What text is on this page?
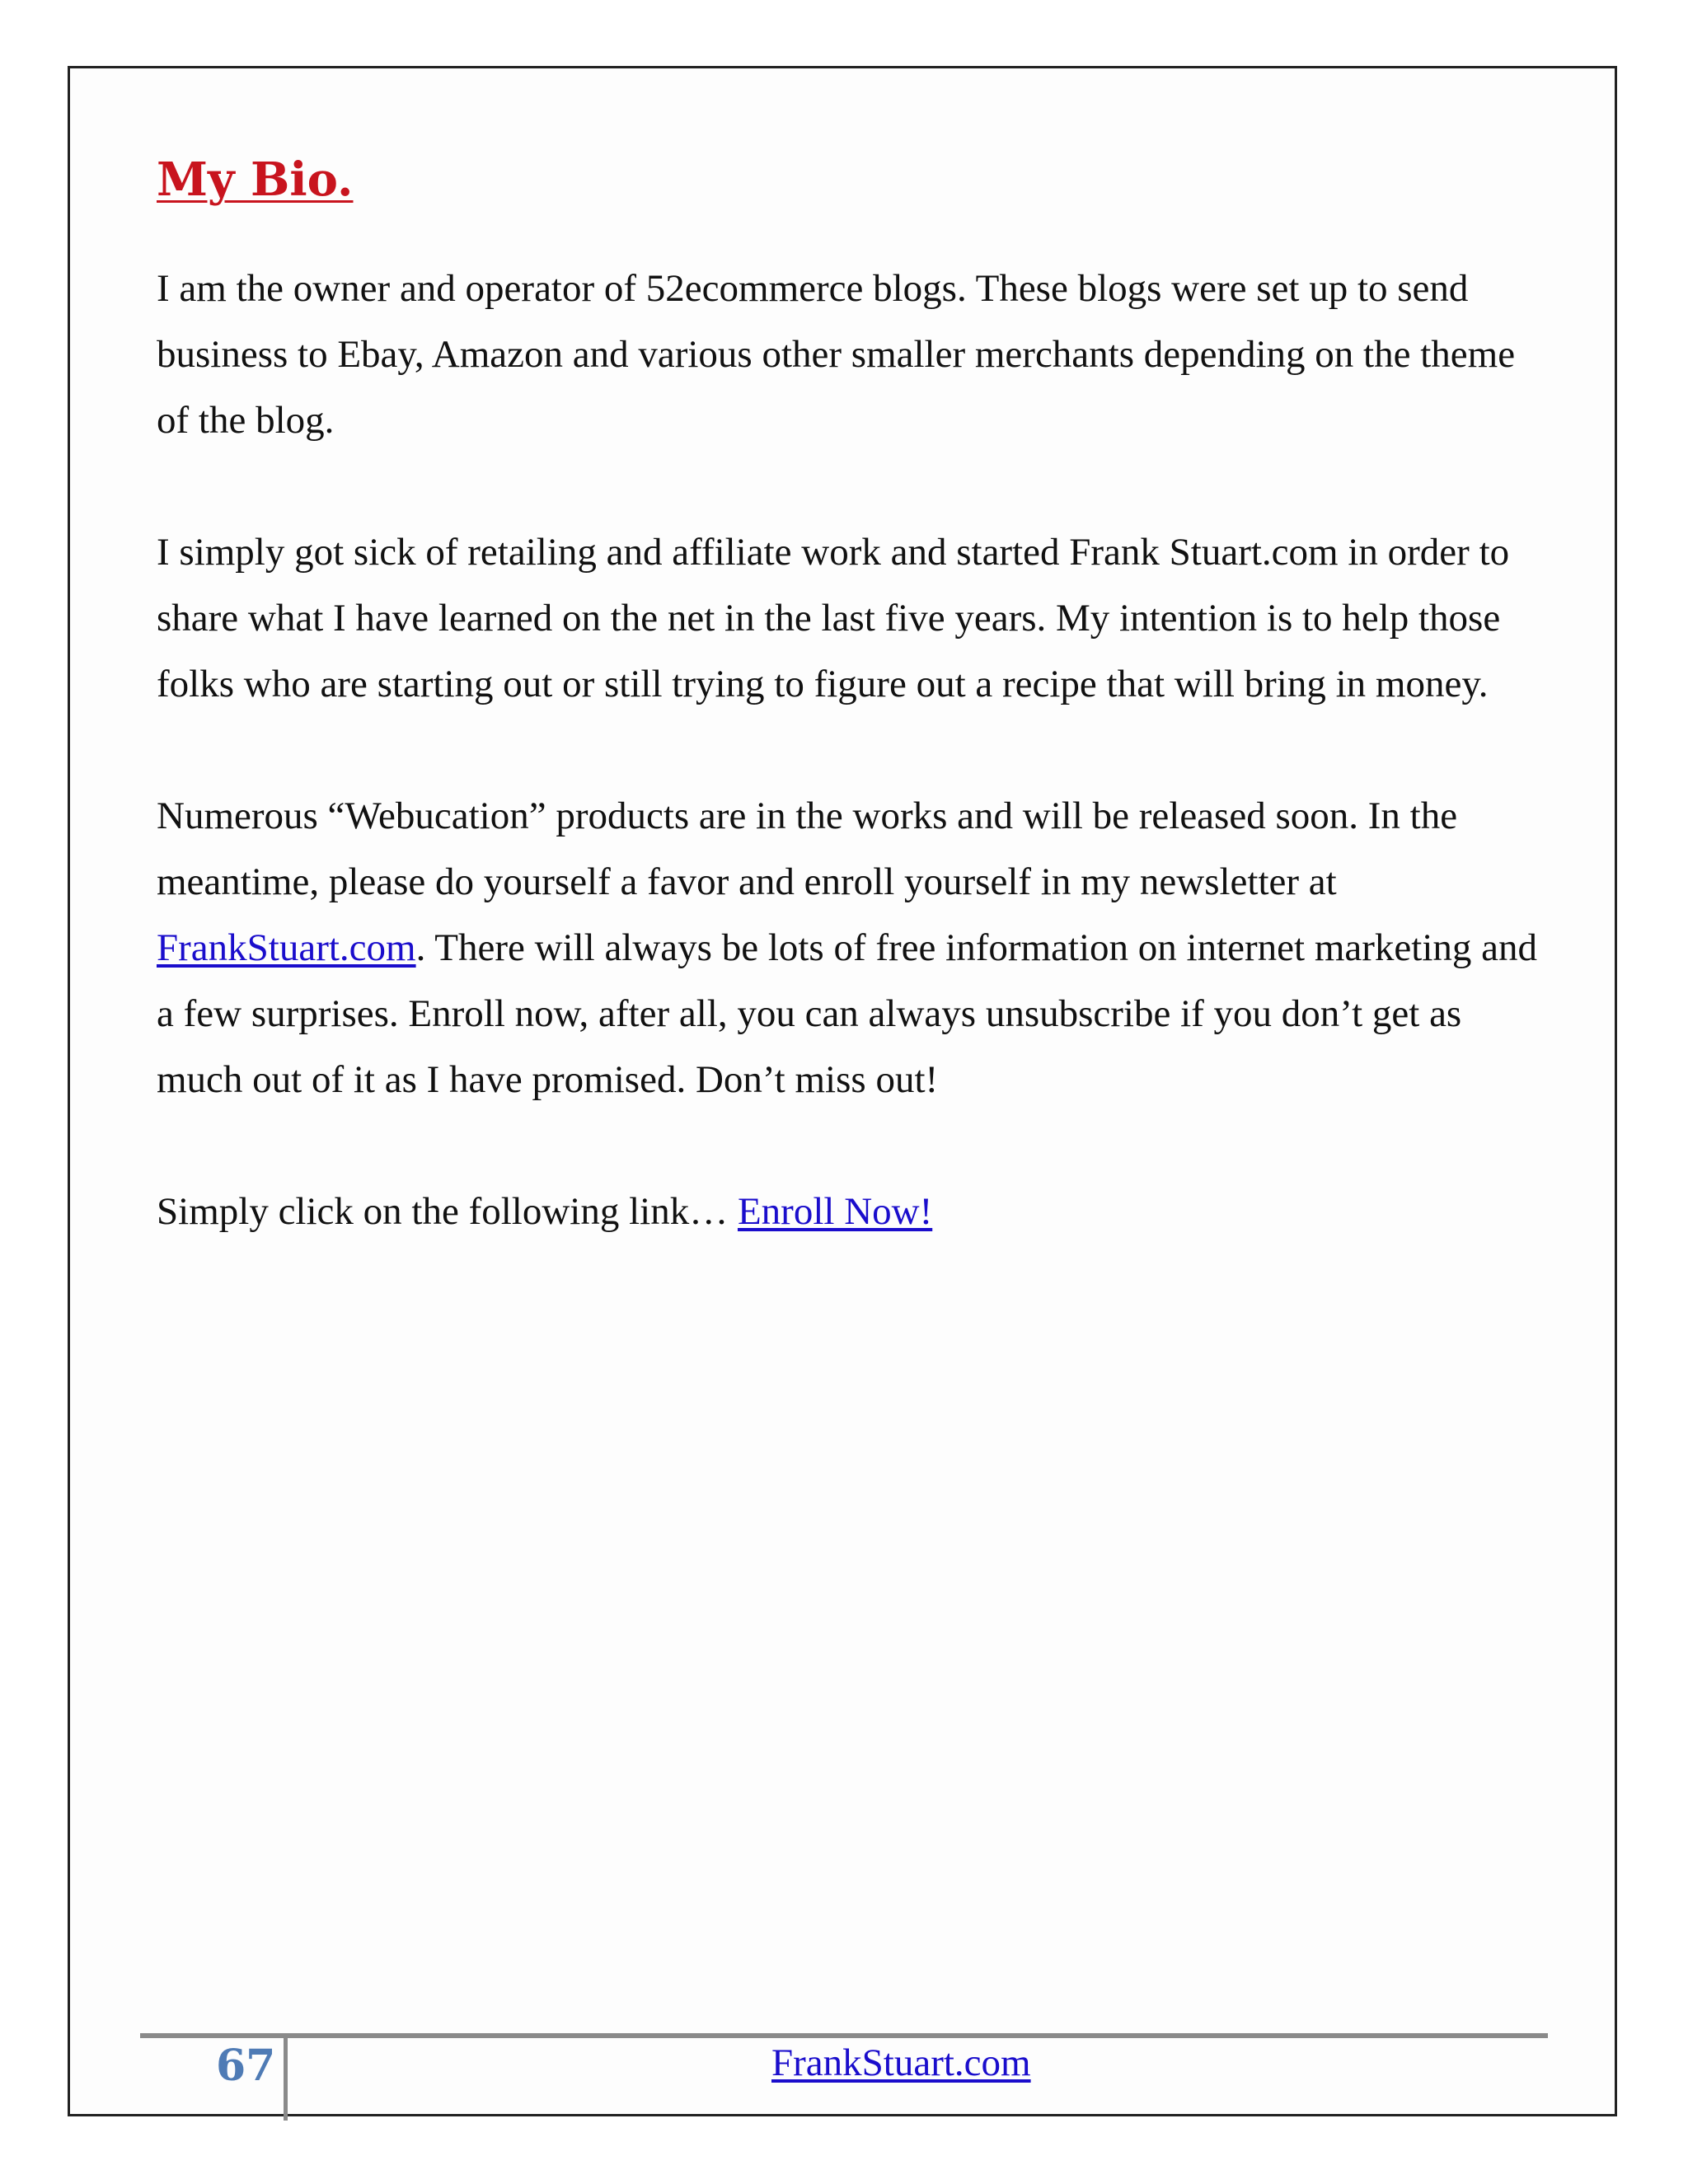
My Bio.

I am the owner and operator of 52ecommerce blogs. These blogs were set up to send business to Ebay, Amazon and various other smaller merchants depending on the theme of the blog.

I simply got sick of retailing and affiliate work and started Frank Stuart.com in order to share what I have learned on the net in the last five years. My intention is to help those folks who are starting out or still trying to figure out a recipe that will bring in money.

Numerous “Webucation” products are in the works and will be released soon. In the meantime, please do yourself a favor and enroll yourself in my newsletter at FrankStuart.com. There will always be lots of free information on internet marketing and a few surprises. Enroll now, after all, you can always unsubscribe if you don’t get as much out of it as I have promised. Don’t miss out!

Simply click on the following link… Enroll Now!

67	FrankStuart.com
